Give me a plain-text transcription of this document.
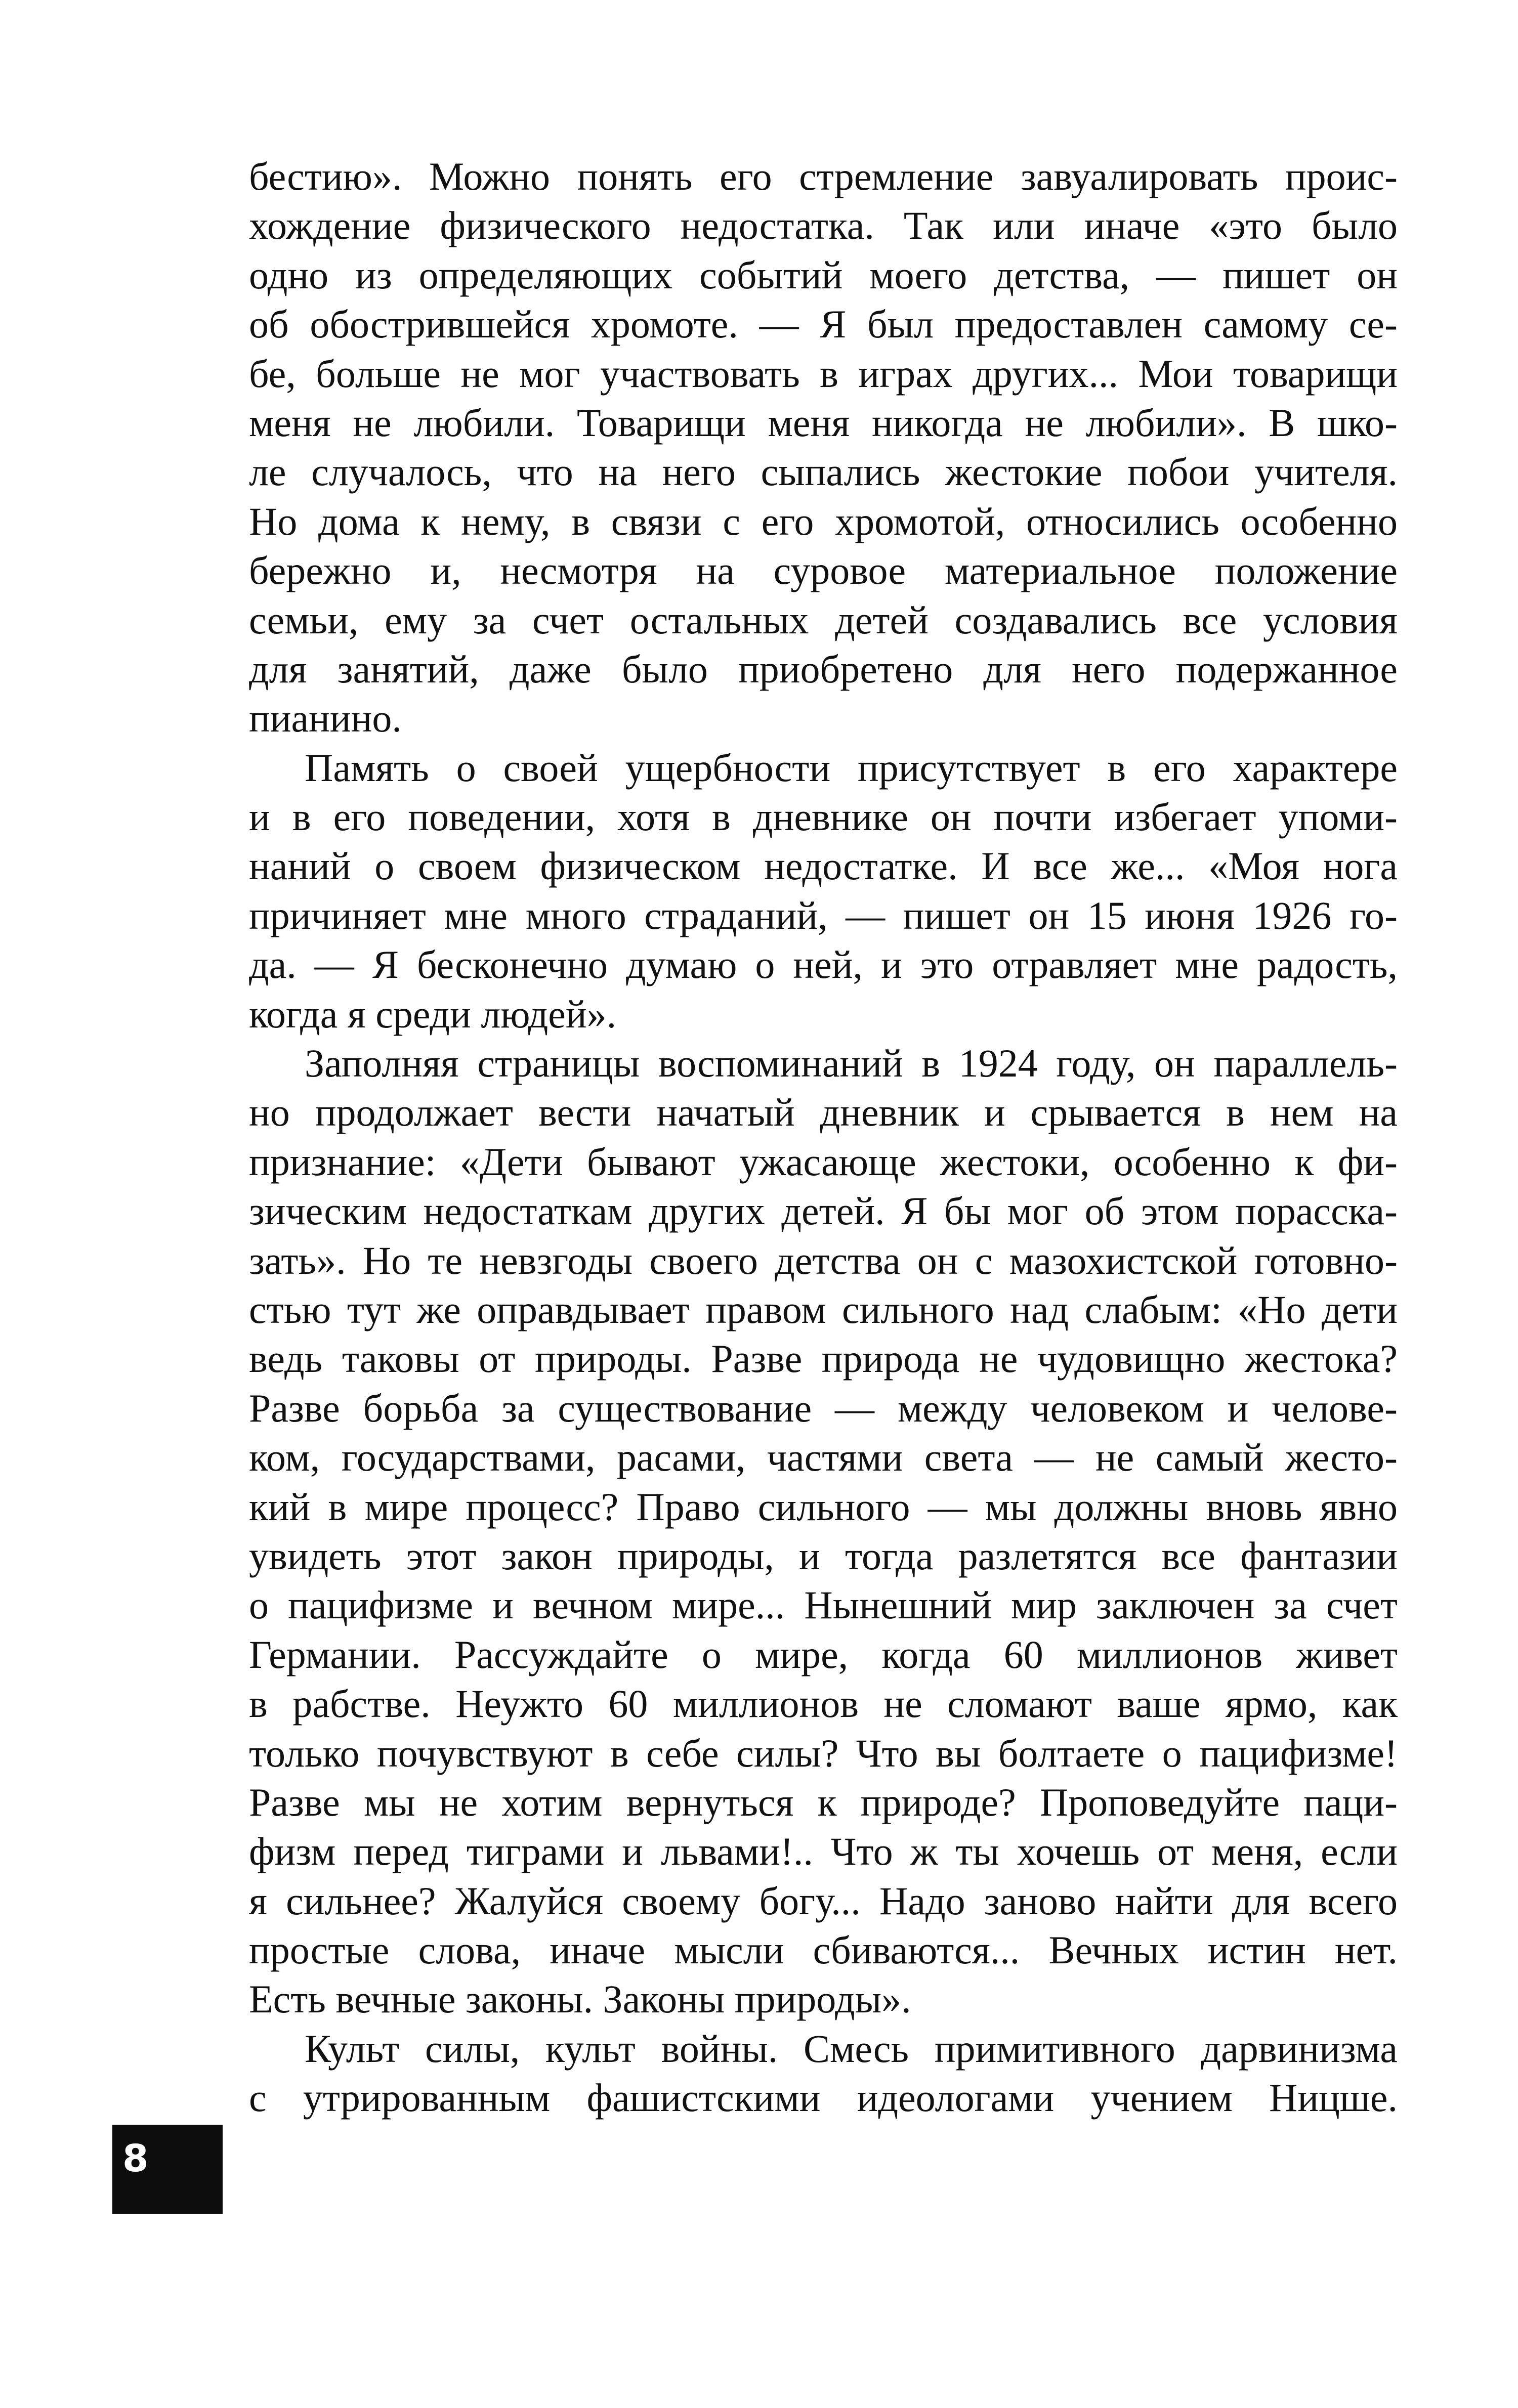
бестию». Можно понять его стремление завуалировать проис-
хождение физического недостатка. Так или иначе «это было
одно из определяющих событий моего детства, — пишет он
об обострившейся хромоте. — Я был предоставлен самому се-
бе, больше не мог участвовать в играх других... Мои товарищи
меня не любили. Товарищи меня никогда не любили». В шко-
ле случалось, что на него сыпались жестокие побои учителя.
Но дома к нему, в связи с его хромотой, относились особенно
бережно и, несмотря на суровое материальное положение
семьи, ему за счет остальных детей создавались все условия
для занятий, даже было приобретено для него подержанное
пианино.
Память о своей ущербности присутствует в его характере
и в его поведении, хотя в дневнике он почти избегает упоми-
наний о своем физическом недостатке. И все же... «Моя нога
причиняет мне много страданий, — пишет он 15 июня 1926 го-
да. — Я бесконечно думаю о ней, и это отравляет мне радость,
когда я среди людей».
Заполняя страницы воспоминаний в 1924 году, он параллель-
но продолжает вести начатый дневник и срывается в нем на
признание: «Дети бывают ужасающе жестоки, особенно к фи-
зическим недостаткам других детей. Я бы мог об этом порасска-
зать». Но те невзгоды своего детства он с мазохистской готовно-
стью тут же оправдывает правом сильного над слабым: «Но дети
ведь таковы от природы. Разве природа не чудовищно жестока?
Разве борьба за существование — между человеком и челове-
ком, государствами, расами, частями света — не самый жесто-
кий в мире процесс? Право сильного — мы должны вновь явно
увидеть этот закон природы, и тогда разлетятся все фантазии
о пацифизме и вечном мире... Нынешний мир заключен за счет
Германии. Рассуждайте о мире, когда 60 миллионов живет
в рабстве. Неужто 60 миллионов не сломают ваше ярмо, как
только почувствуют в себе силы? Что вы болтаете о пацифизме!
Разве мы не хотим вернуться к природе? Проповедуйте паци-
физм перед тиграми и львами!.. Что ж ты хочешь от меня, если
я сильнее? Жалуйся своему богу... Надо заново найти для всего
простые слова, иначе мысли сбиваются... Вечных истин нет.
Есть вечные законы. Законы природы».
Культ силы, культ войны. Смесь примитивного дарвинизма
с утрированным фашистскими идеологами учением Ницше.
8
